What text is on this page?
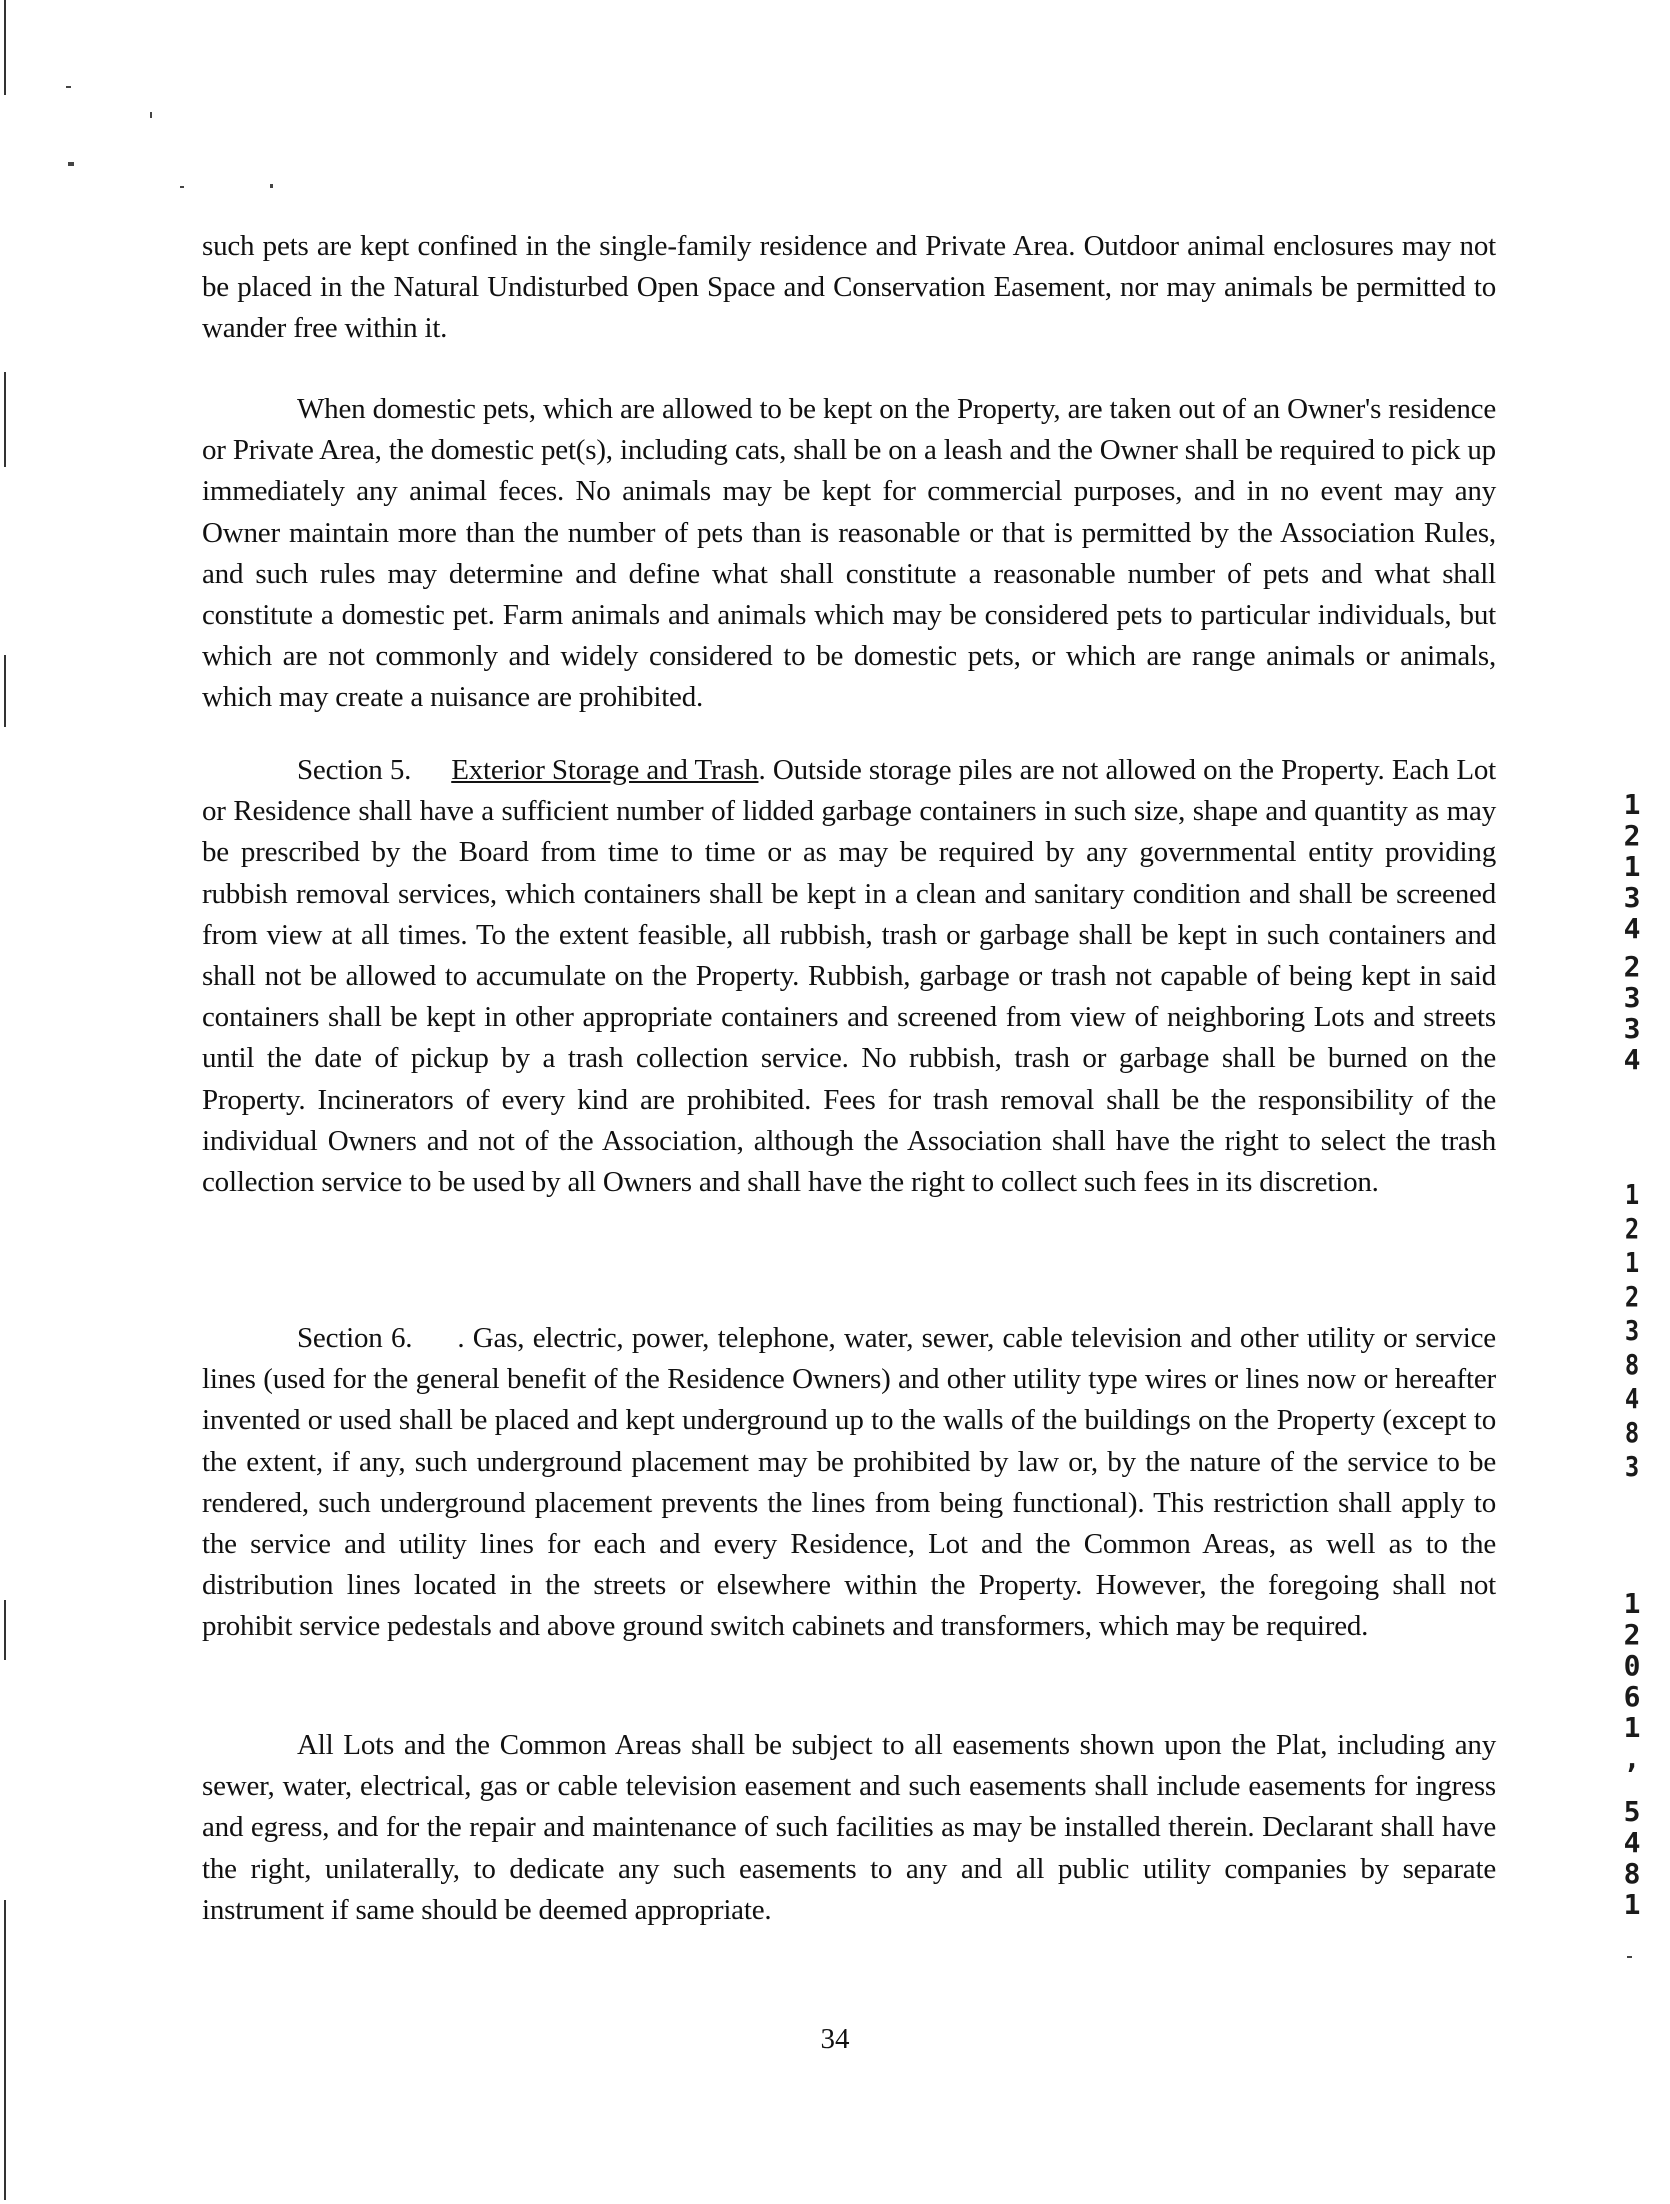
such pets are kept confined in the single-family residence and Private Area. Outdoor animal enclosures may not be placed in the Natural Undisturbed Open Space and Conservation Easement, nor may animals be permitted to wander free within it.

When domestic pets, which are allowed to be kept on the Property, are taken out of an Owner's residence or Private Area, the domestic pet(s), including cats, shall be on a leash and the Owner shall be required to pick up immediately any animal feces. No animals may be kept for commercial purposes, and in no event may any Owner maintain more than the number of pets than is reasonable or that is permitted by the Association Rules, and such rules may determine and define what shall constitute a reasonable number of pets and what shall constitute a domestic pet. Farm animals and animals which may be considered pets to particular individuals, but which are not commonly and widely considered to be domestic pets, or which are range animals or animals, which may create a nuisance are prohibited.

Section 5. Exterior Storage and Trash. Outside storage piles are not allowed on the Property. Each Lot or Residence shall have a sufficient number of lidded garbage containers in such size, shape and quantity as may be prescribed by the Board from time to time or as may be required by any governmental entity providing rubbish removal services, which containers shall be kept in a clean and sanitary condition and shall be screened from view at all times. To the extent feasible, all rubbish, trash or garbage shall be kept in such containers and shall not be allowed to accumulate on the Property. Rubbish, garbage or trash not capable of being kept in said containers shall be kept in other appropriate containers and screened from view of neighboring Lots and streets until the date of pickup by a trash collection service. No rubbish, trash or garbage shall be burned on the Property. Incinerators of every kind are prohibited. Fees for trash removal shall be the responsibility of the individual Owners and not of the Association, although the Association shall have the right to select the trash collection service to be used by all Owners and shall have the right to collect such fees in its discretion.

Section 6. . Gas, electric, power, telephone, water, sewer, cable television and other utility or service lines (used for the general benefit of the Residence Owners) and other utility type wires or lines now or hereafter invented or used shall be placed and kept underground up to the walls of the buildings on the Property (except to the extent, if any, such underground placement may be prohibited by law or, by the nature of the service to be rendered, such underground placement prevents the lines from being functional). This restriction shall apply to the service and utility lines for each and every Residence, Lot and the Common Areas, as well as to the distribution lines located in the streets or elsewhere within the Property. However, the foregoing shall not prohibit service pedestals and above ground switch cabinets and transformers, which may be required.

All Lots and the Common Areas shall be subject to all easements shown upon the Plat, including any sewer, water, electrical, gas or cable television easement and such easements shall include easements for ingress and egress, and for the repair and maintenance of such facilities as may be installed therein. Declarant shall have the right, unilaterally, to dedicate any such easements to any and all public utility companies by separate instrument if same should be deemed appropriate.

34
1
2
1
3
4
2
3
3
4
1
2
1
2
3
8
4
8
3
1
2
0
6
1
,
5
4
8
1
